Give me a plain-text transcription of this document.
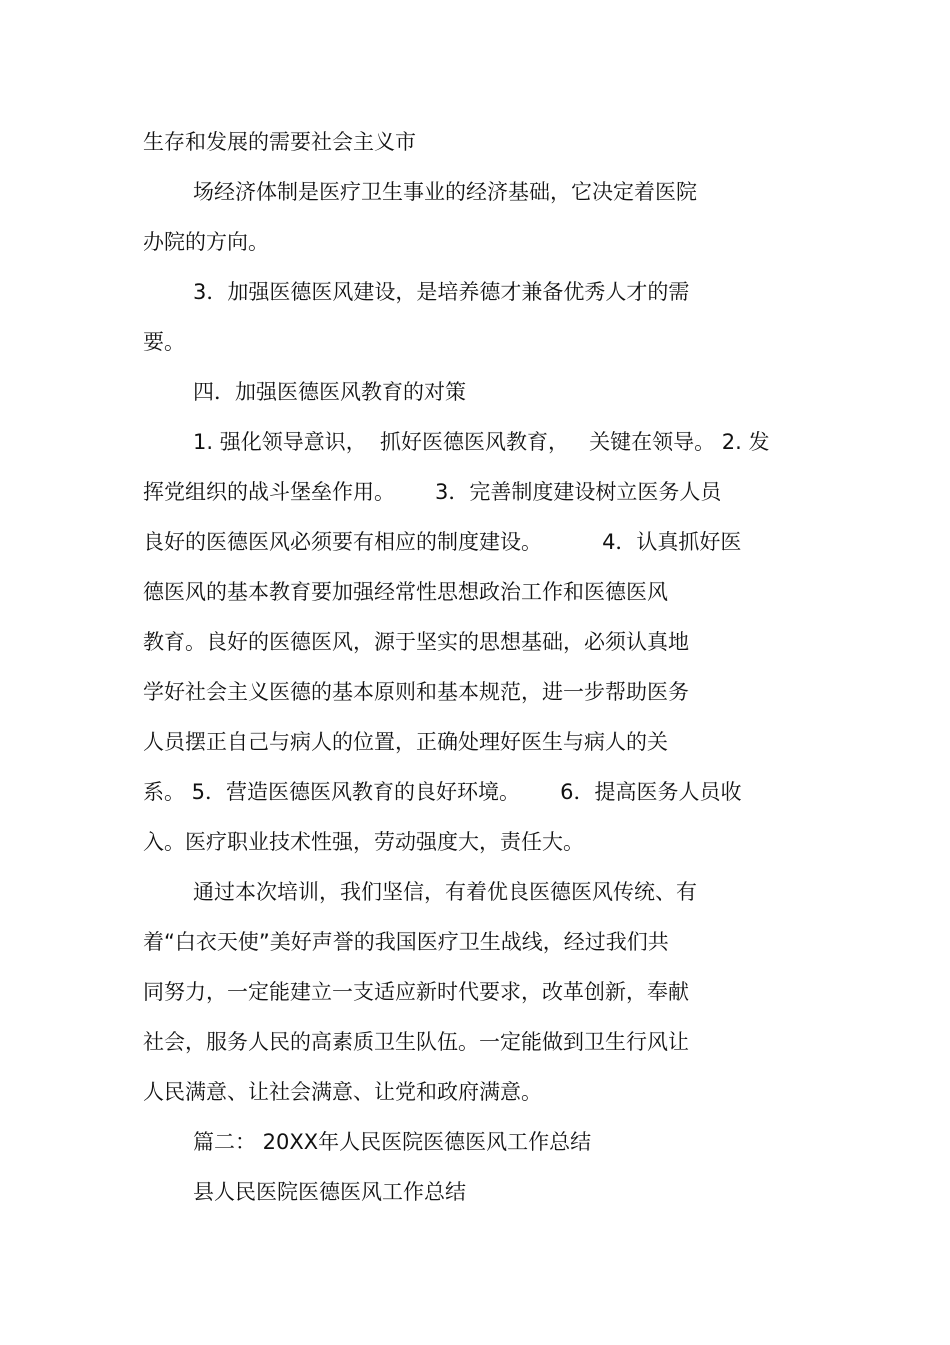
生存和发展的需要社会主义市
场经济体制是医疗卫生事业的经济基础，它决定着医院
办院的方向。
3．加强医德医风建设，是培养德才兼备优秀人才的需
要。
四．加强医德医风教育的对策
1. 强化领导意识，  抓好医德医风教育，   关键在领导。 2. 发
挥党组织的战斗堡垒作用。      3．完善制度建设树立医务人员
良好的医德医风必须要有相应的制度建设。         4．认真抓好医
德医风的基本教育要加强经常性思想政治工作和医德医风
教育。良好的医德医风，源于坚实的思想基础，必须认真地
学好社会主义医德的基本原则和基本规范，进一步帮助医务
人员摆正自己与病人的位置，正确处理好医生与病人的关
系。 5．营造医德医风教育的良好环境。      6．提高医务人员收
入。医疗职业技术性强，劳动强度大，责任大。
通过本次培训，我们坚信，有着优良医德医风传统、有
着“白衣天使”美好声誉的我国医疗卫生战线，经过我们共
同努力，一定能建立一支适应新时代要求，改革创新，奉献
社会，服务人民的高素质卫生队伍。一定能做到卫生行风让
人民满意、让社会满意、让党和政府满意。
篇二： 20XX年人民医院医德医风工作总结
县人民医院医德医风工作总结
